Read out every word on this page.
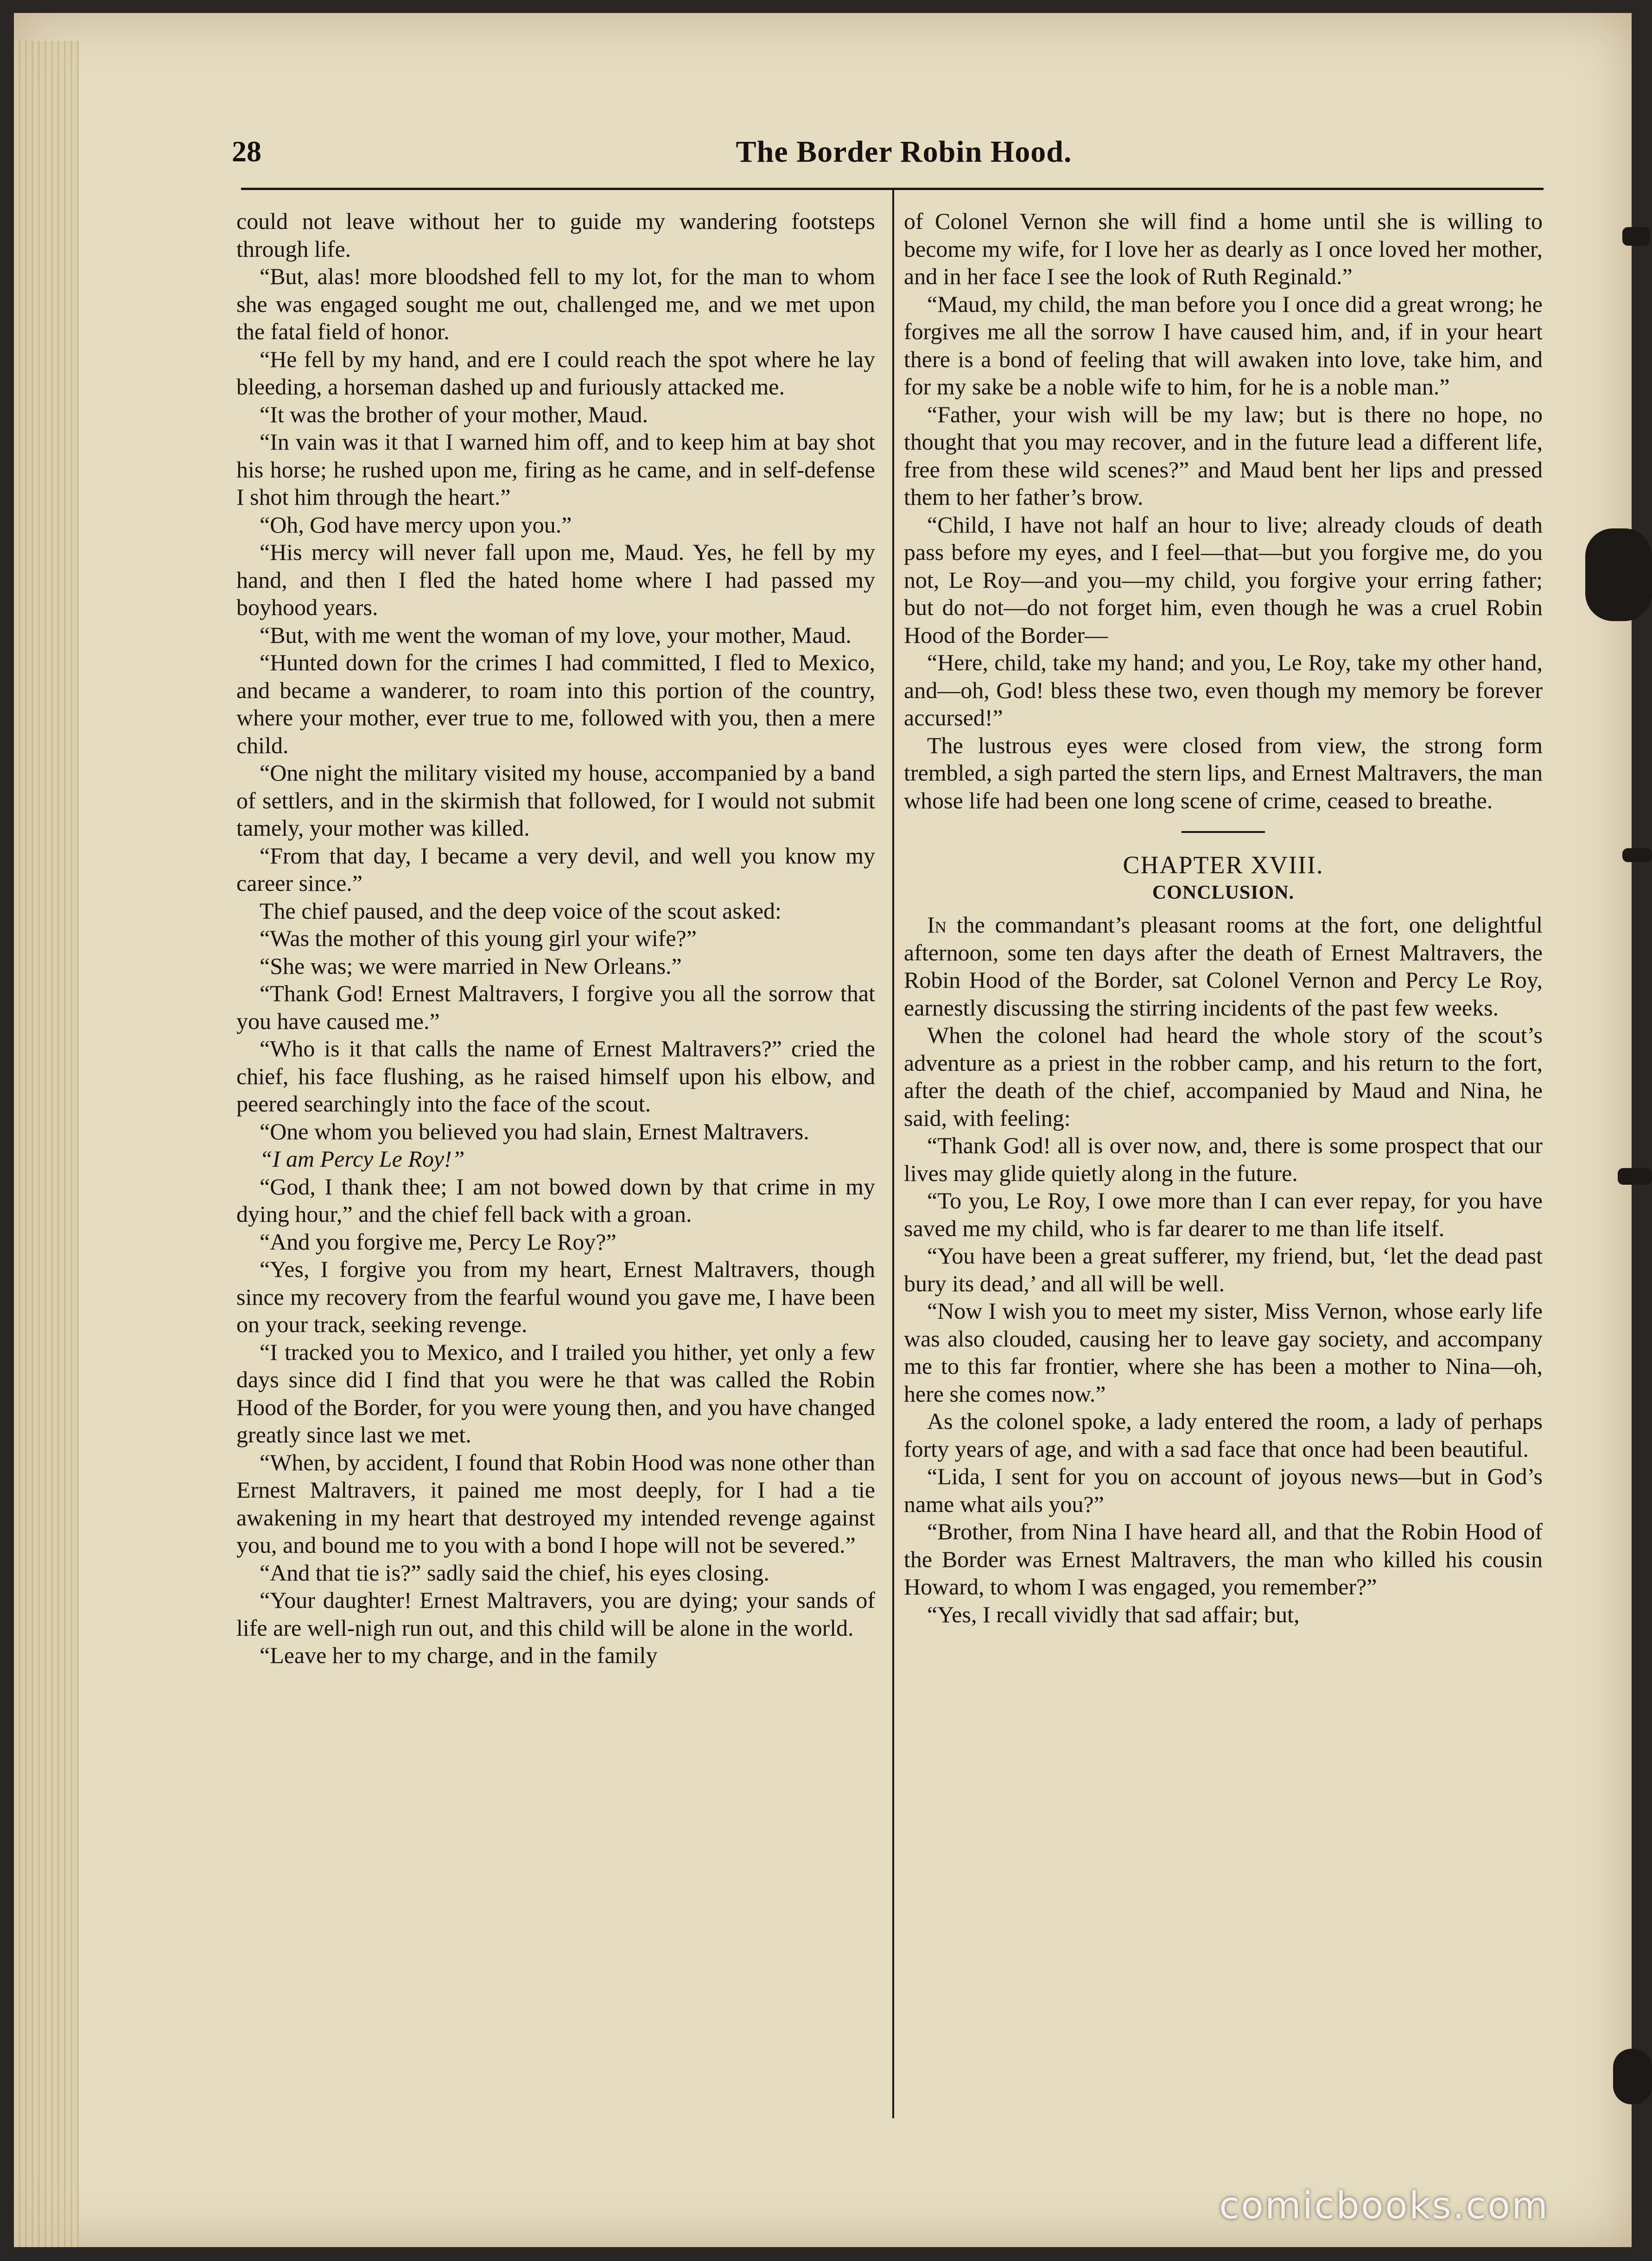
28	The Border Robin Hood.

could not leave without her to guide my wandering footsteps through life.

“But, alas! more bloodshed fell to my lot, for the man to whom she was engaged sought me out, challenged me, and we met upon the fatal field of honor.

“He fell by my hand, and ere I could reach the spot where he lay bleeding, a horseman dashed up and furiously attacked me.

“It was the brother of your mother, Maud.

“In vain was it that I warned him off, and to keep him at bay shot his horse; he rushed upon me, firing as he came, and in self-defense I shot him through the heart.”

“Oh, God have mercy upon you.”

“His mercy will never fall upon me, Maud. Yes, he fell by my hand, and then I fled the hated home where I had passed my boyhood years.

“But, with me went the woman of my love, your mother, Maud.

“Hunted down for the crimes I had committed, I fled to Mexico, and became a wanderer, to roam into this portion of the country, where your mother, ever true to me, followed with you, then a mere child.

“One night the military visited my house, accompanied by a band of settlers, and in the skirmish that followed, for I would not submit tamely, your mother was killed.

“From that day, I became a very devil, and well you know my career since.”

The chief paused, and the deep voice of the scout asked:

“Was the mother of this young girl your wife?”

“She was; we were married in New Orleans.”

“Thank God! Ernest Maltravers, I forgive you all the sorrow that you have caused me.”

“Who is it that calls the name of Ernest Maltravers?” cried the chief, his face flushing, as he raised himself upon his elbow, and peered searchingly into the face of the scout.

“One whom you believed you had slain, Ernest Maltravers.

“I am Percy Le Roy!”

“God, I thank thee; I am not bowed down by that crime in my dying hour,” and the chief fell back with a groan.

“And you forgive me, Percy Le Roy?”

“Yes, I forgive you from my heart, Ernest Maltravers, though since my recovery from the fearful wound you gave me, I have been on your track, seeking revenge.

“I tracked you to Mexico, and I trailed you hither, yet only a few days since did I find that you were he that was called the Robin Hood of the Border, for you were young then, and you have changed greatly since last we met.

“When, by accident, I found that Robin Hood was none other than Ernest Maltravers, it pained me most deeply, for I had a tie awakening in my heart that destroyed my intended revenge against you, and bound me to you with a bond I hope will not be severed.”

“And that tie is?” sadly said the chief, his eyes closing.

“Your daughter! Ernest Maltravers, you are dying; your sands of life are well-nigh run out, and this child will be alone in the world.

“Leave her to my charge, and in the family

of Colonel Vernon she will find a home until she is willing to become my wife, for I love her as dearly as I once loved her mother, and in her face I see the look of Ruth Reginald.”

“Maud, my child, the man before you I once did a great wrong; he forgives me all the sorrow I have caused him, and, if in your heart there is a bond of feeling that will awaken into love, take him, and for my sake be a noble wife to him, for he is a noble man.”

“Father, your wish will be my law; but is there no hope, no thought that you may recover, and in the future lead a different life, free from these wild scenes?” and Maud bent her lips and pressed them to her father’s brow.

“Child, I have not half an hour to live; already clouds of death pass before my eyes, and I feel—that—but you forgive me, do you not, Le Roy—and you—my child, you forgive your erring father; but do not—do not forget him, even though he was a cruel Robin Hood of the Border—

“Here, child, take my hand; and you, Le Roy, take my other hand, and—oh, God! bless these two, even though my memory be forever accursed!”

The lustrous eyes were closed from view, the strong form trembled, a sigh parted the stern lips, and Ernest Maltravers, the man whose life had been one long scene of crime, ceased to breathe.

CHAPTER XVIII.

CONCLUSION.

In the commandant’s pleasant rooms at the fort, one delightful afternoon, some ten days after the death of Ernest Maltravers, the Robin Hood of the Border, sat Colonel Vernon and Percy Le Roy, earnestly discussing the stirring incidents of the past few weeks.

When the colonel had heard the whole story of the scout’s adventure as a priest in the robber camp, and his return to the fort, after the death of the chief, accompanied by Maud and Nina, he said, with feeling:

“Thank God! all is over now, and, there is some prospect that our lives may glide quietly along in the future.

“To you, Le Roy, I owe more than I can ever repay, for you have saved me my child, who is far dearer to me than life itself.

“You have been a great sufferer, my friend, but, ‘let the dead past bury its dead,’ and all will be well.

“Now I wish you to meet my sister, Miss Vernon, whose early life was also clouded, causing her to leave gay society, and accompany me to this far frontier, where she has been a mother to Nina—oh, here she comes now.”

As the colonel spoke, a lady entered the room, a lady of perhaps forty years of age, and with a sad face that once had been beautiful.

“Lida, I sent for you on account of joyous news—but in God’s name what ails you?”

“Brother, from Nina I have heard all, and that the Robin Hood of the Border was Ernest Maltravers, the man who killed his cousin Howard, to whom I was engaged, you remember?”

“Yes, I recall vividly that sad affair; but,

comicbooks.com
